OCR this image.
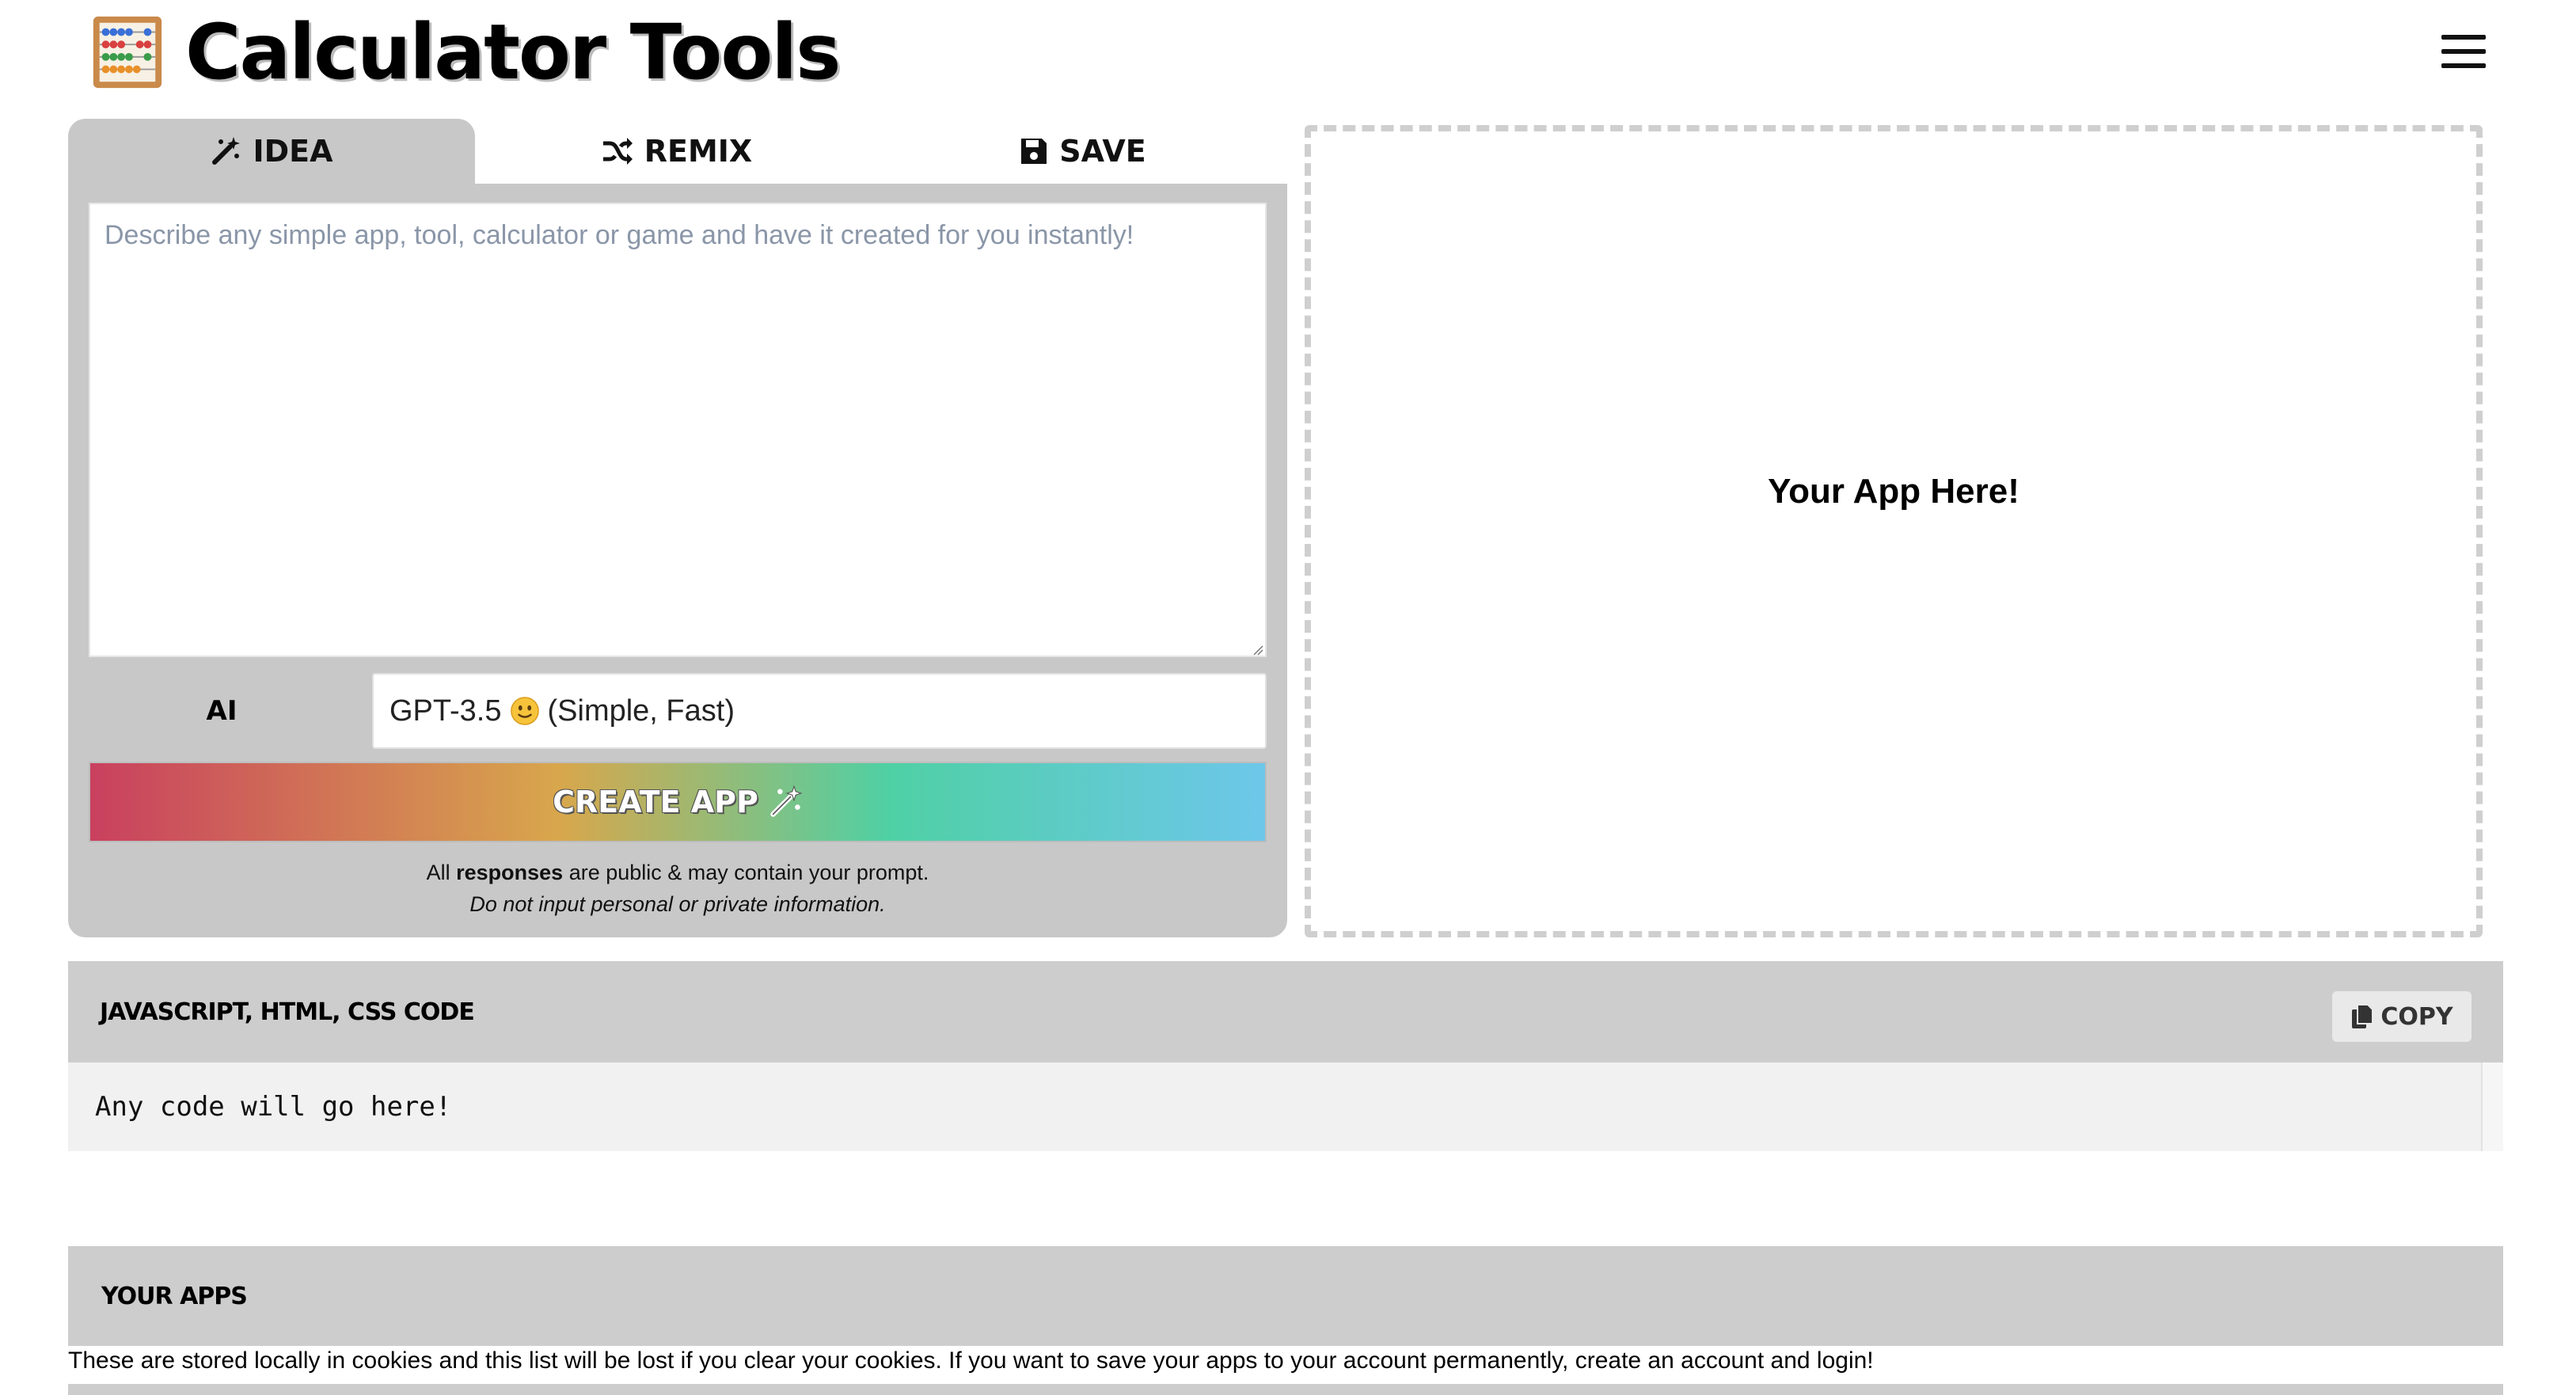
Calculator Tools
IDEA	REMIX	SAVE
Describe any simple app, tool, calculator or game and have it created for you instantly!
AI	GPT-3.5 (Simple, Fast)
CREATE APP
All responses are public & may contain your prompt.
Do not input personal or private information.
Your App Here!
JAVASCRIPT, HTML, CSS CODE	COPY
Any code will go here!
YOUR APPS
These are stored locally in cookies and this list will be lost if you clear your cookies. If you want to save your apps to your account permanently, create an account and login!
